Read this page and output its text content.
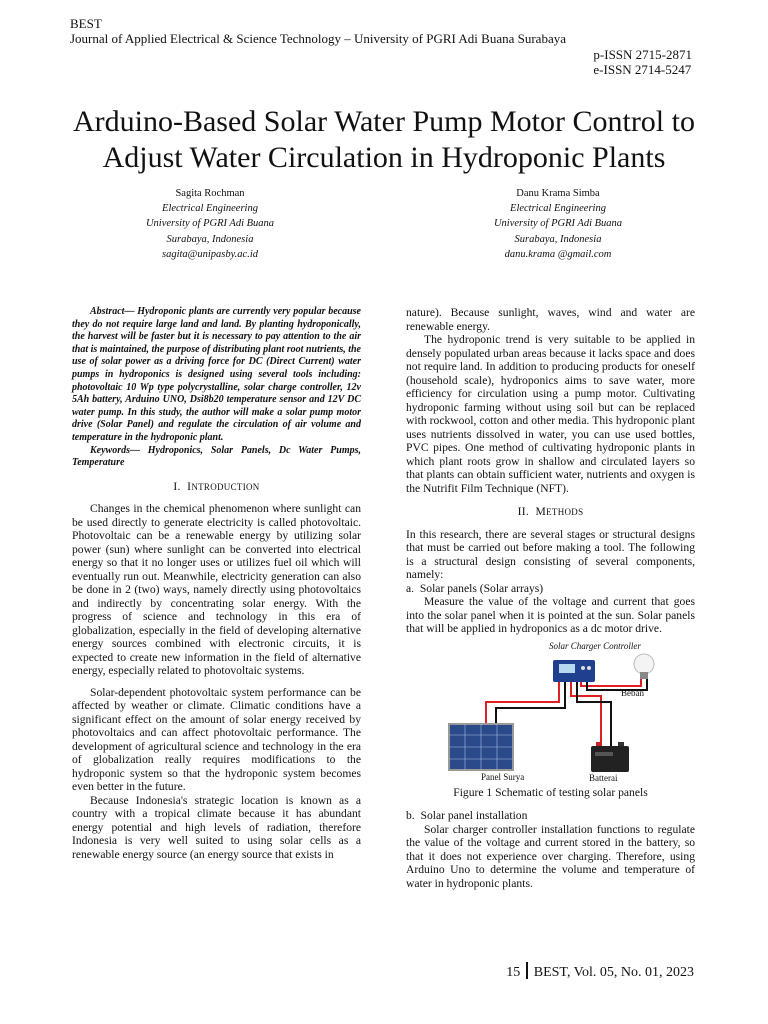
BEST
Journal of Applied Electrical & Science Technology – University of PGRI Adi Buana Surabaya
p-ISSN 2715-2871
e-ISSN 2714-5247
Arduino-Based Solar Water Pump Motor Control to Adjust Water Circulation in Hydroponic Plants
Sagita Rochman
Electrical Engineering
University of PGRI Adi Buana
Surabaya, Indonesia
sagita@unipasby.ac.id
Danu Krama Simba
Electrical Engineering
University of PGRI Adi Buana
Surabaya, Indonesia
danu.krama @gmail.com

Abstract— Hydroponic plants are currently very popular because they do not require large land and land. By planting hydroponically, the harvest will be faster but it is necessary to pay attention to the air that is maintained, the purpose of distributing plant root nutrients, the use of solar power as a driving force for DC (Direct Current) water pumps in hydroponics is designed using several tools including: photovoltaic 10 Wp type polycrystalline, solar charge controller, 12v 5Ah battery, Arduino UNO, Dsi8b20 temperature sensor and 12V DC water pump. In this study, the author will make a solar pump motor drive (Solar Panel) and regulate the circulation of air volume and temperature in the hydroponic plant.

Keywords— Hydroponics, Solar Panels, Dc Water Pumps, Temperature

I. INTRODUCTION

Changes in the chemical phenomenon where sunlight can be used directly to generate electricity is called photovoltaic. Photovoltaic can be a renewable energy by utilizing solar power (sun) where sunlight can be converted into electrical energy so that it no longer uses or utilizes fuel oil which will eventually run out. Meanwhile, electricity generation can also be done in 2 (two) ways, namely directly using photovoltaics and indirectly by concentrating solar energy. With the progress of science and technology in this era of globalization, especially in the field of developing alternative energy sources combined with electronic circuits, it is expected to create new information in the field of alternative energy, especially related to photovoltaic systems.

Solar-dependent photovoltaic system performance can be affected by weather or climate. Climatic conditions have a significant effect on the amount of solar energy received by photovoltaics and can affect photovoltaic performance. The development of agricultural science and technology in the era of globalization really requires modifications to the hydroponic system so that the hydroponic system becomes even better in the future.

Because Indonesia's strategic location is known as a country with a tropical climate because it has abundant energy potential and high levels of radiation, therefore Indonesia is very well suited to using solar cells as a renewable energy source (an energy source that exists in

nature). Because sunlight, waves, wind and water are renewable energy.

The hydroponic trend is very suitable to be applied in densely populated urban areas because it lacks space and does not require land. In addition to producing products for oneself (household scale), hydroponics aims to save water, more efficiency for circulation using a pump motor. Cultivating hydroponic farming without using soil but can be replaced with rockwool, cotton and other media. This hydroponic plant uses nutrients dissolved in water, you can use used bottles, PVC pipes. One method of cultivating hydroponic plants in which plant roots grow in shallow and circulated layers so that plants can obtain sufficient water, nutrients and oxygen is the Nutrifit Film Technique (NFT).

II. METHODS

In this research, there are several stages or structural designs that must be carried out before making a tool. The following is a structural design consisting of several components, namely:

a.  Solar panels (Solar arrays)

Measure the value of the voltage and current that goes into the solar panel when it is pointed at the sun. Solar panels that will be applied in hydroponics as a dc motor drive.

Solar Charger Controller
Beban
Panel Surya	Batterai
Figure 1 Schematic of testing solar panels

b.  Solar panel installation

Solar charger controller installation functions to regulate the value of the voltage and current stored in the battery, so that it does not experience over charging. Therefore, using Arduino Uno to determine the volume and temperature of water in hydroponic plants.

15 BEST, Vol. 05, No. 01, 2023
